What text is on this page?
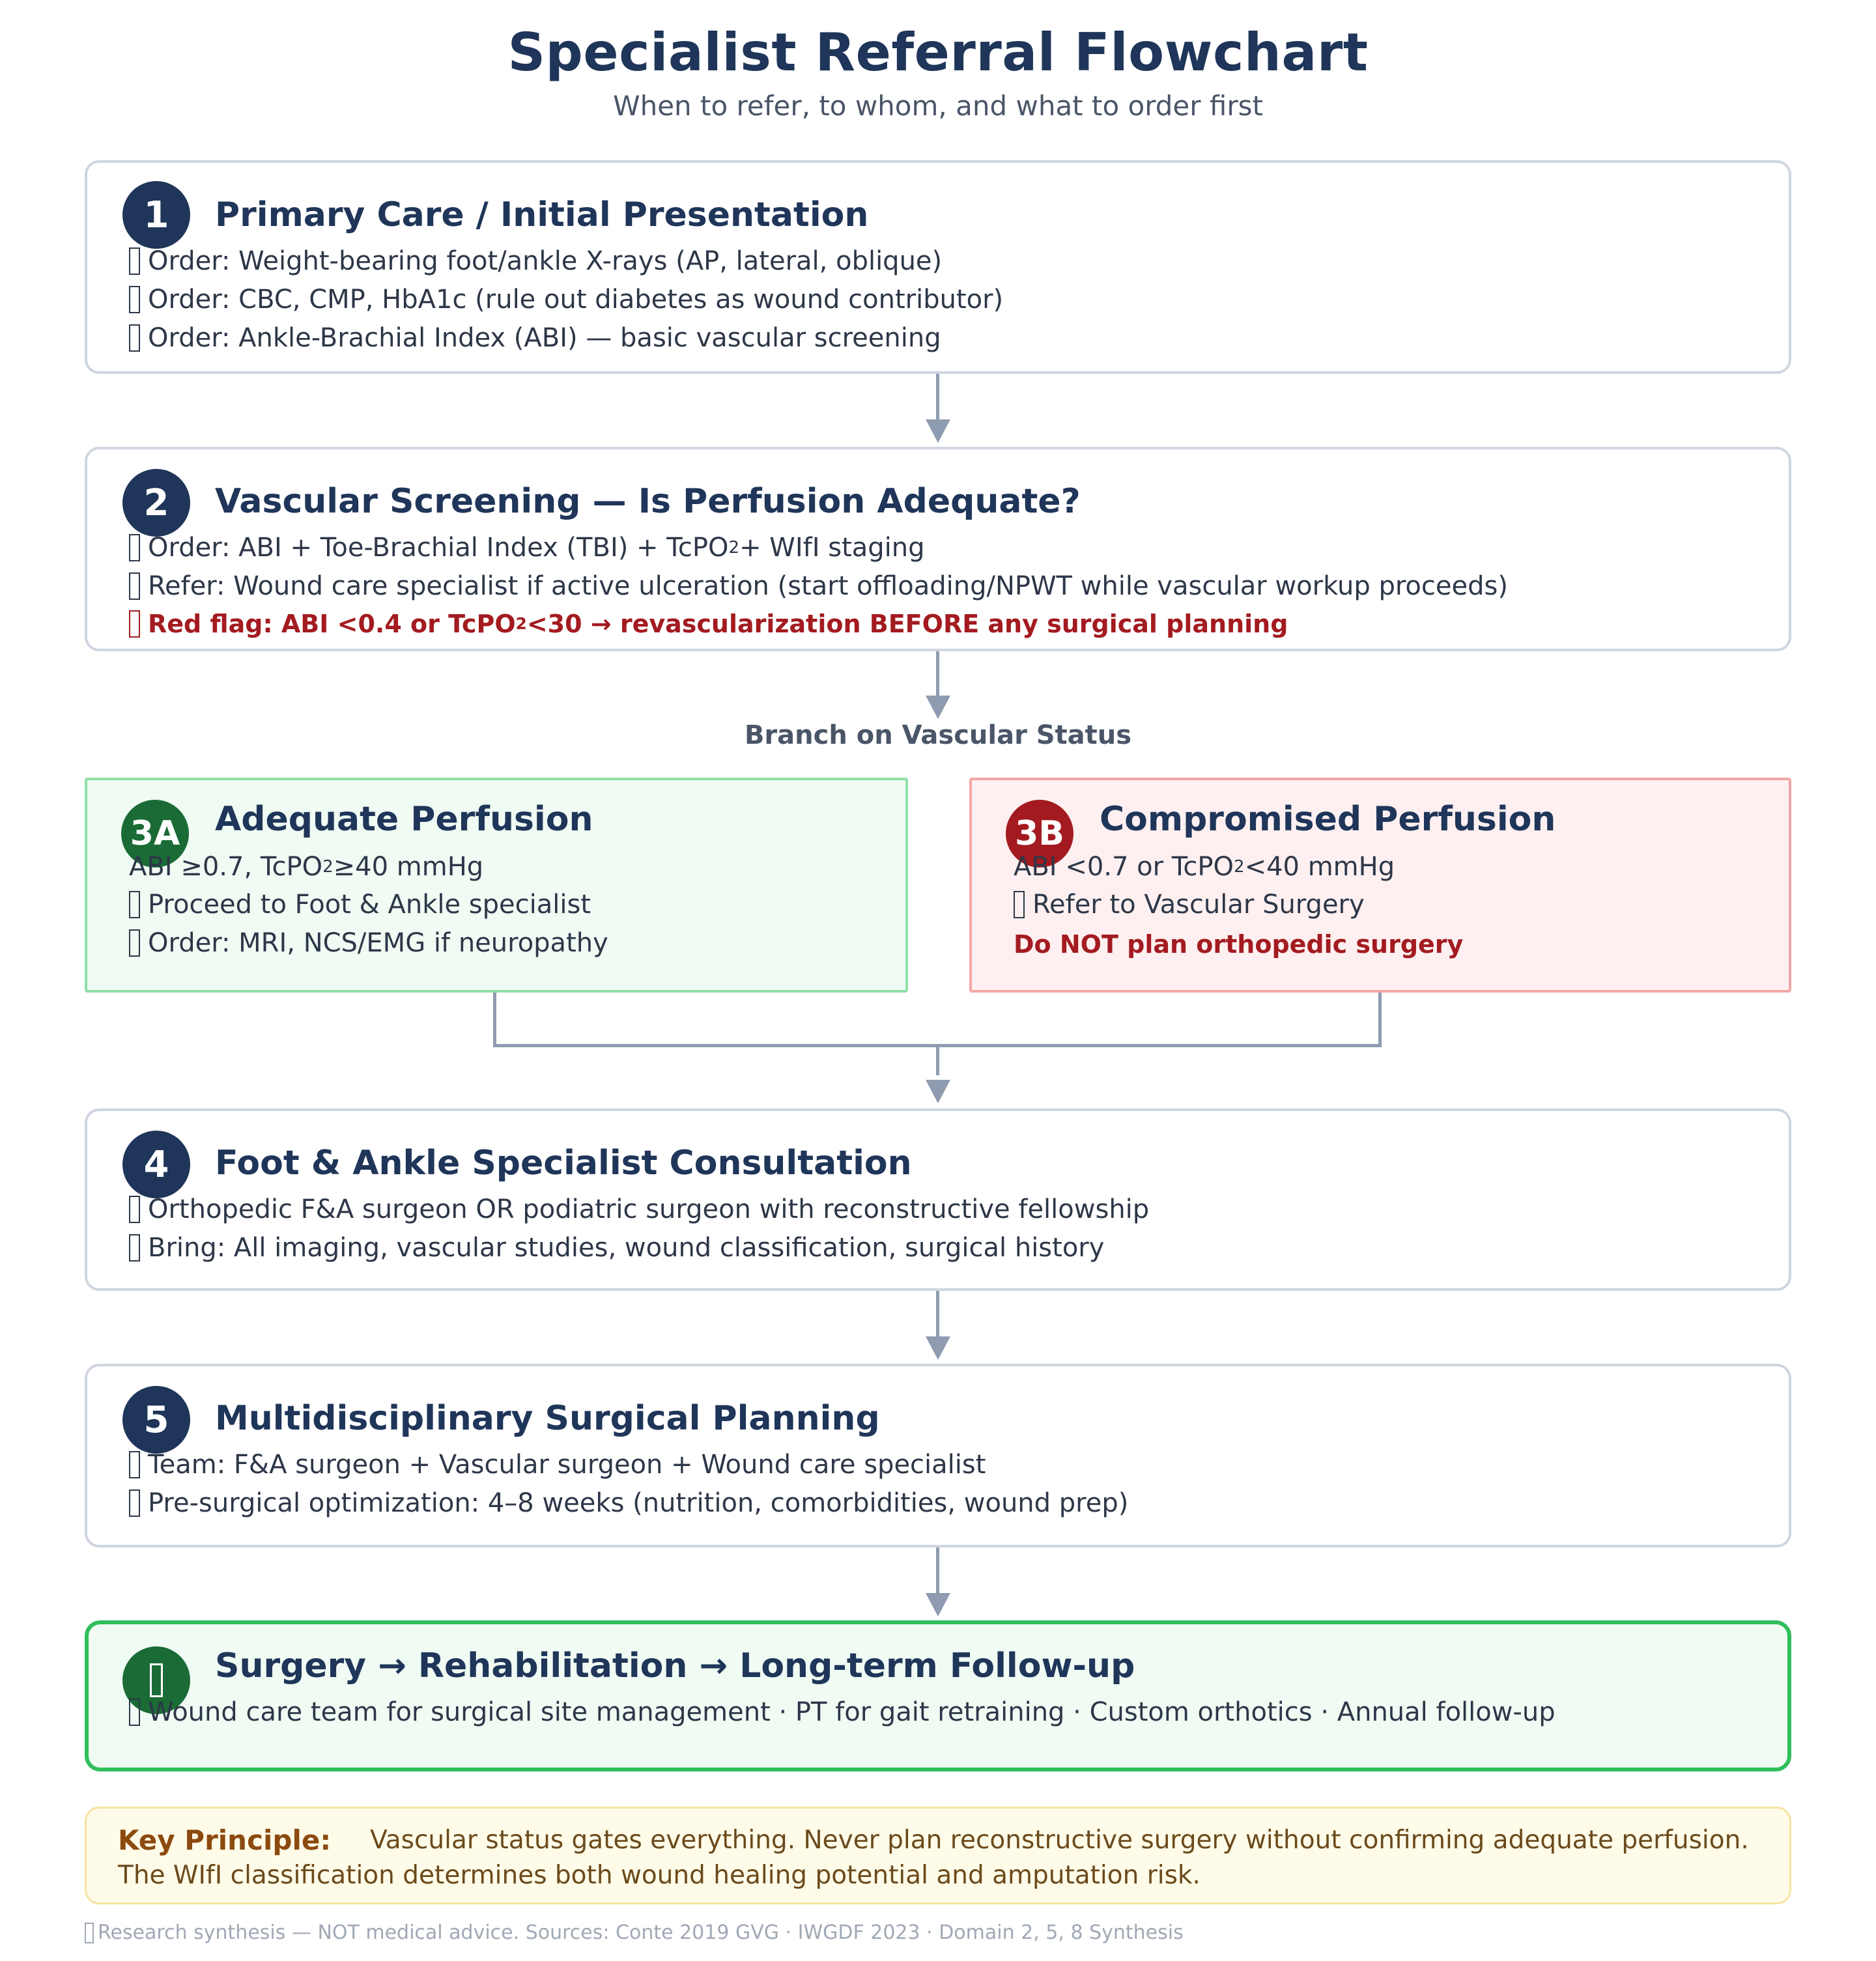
Specialist Referral Flowchart
When to refer, to whom, and what to order first
1	Primary Care / Initial Presentation
Order: Weight-bearing foot/ankle X-rays (AP, lateral, oblique)
Order: CBC, CMP, HbA1c (rule out diabetes as wound contributor)
Order: Ankle-Brachial Index (ABI) — basic vascular screening
2	Vascular Screening — Is Perfusion Adequate?
Order: ABI + Toe-Brachial Index (TBI) + TcPO 2 + WIfI staging
Refer: Wound care specialist if active ulceration (start offloading/NPWT while vascular workup proceeds)
Red flag: ABI <0.4 or TcPO 2 <30 → revascularization BEFORE any surgical planning
Branch on Vascular Status
3A Adequate Perfusion
ABI ≥0.7, TcPO 2 ≥40 mmHg
Proceed to Foot & Ankle specialist
Order: MRI, NCS/EMG if neuropathy
3B Compromised Perfusion
ABI <0.7 or TcPO 2 <40 mmHg
Refer to Vascular Surgery
Do NOT plan orthopedic surgery
4	Foot & Ankle Specialist Consultation
Orthopedic F&A surgeon OR podiatric surgeon with reconstructive fellowship
Bring: All imaging, vascular studies, wound classification, surgical history
5	Multidisciplinary Surgical Planning
Team: F&A surgeon + Vascular surgeon + Wound care specialist
Pre-surgical optimization: 4–8 weeks (nutrition, comorbidities, wound prep)
Surgery → Rehabilitation → Long-term Follow-up
Wound care team for surgical site management · PT for gait retraining · Custom orthotics · Annual follow-up
Key Principle: Vascular status gates everything. Never plan reconstructive surgery without confirming adequate perfusion.
The WIfI classification determines both wound healing potential and amputation risk.
Research synthesis — NOT medical advice. Sources: Conte 2019 GVG · IWGDF 2023 · Domain 2, 5, 8 Synthesis
